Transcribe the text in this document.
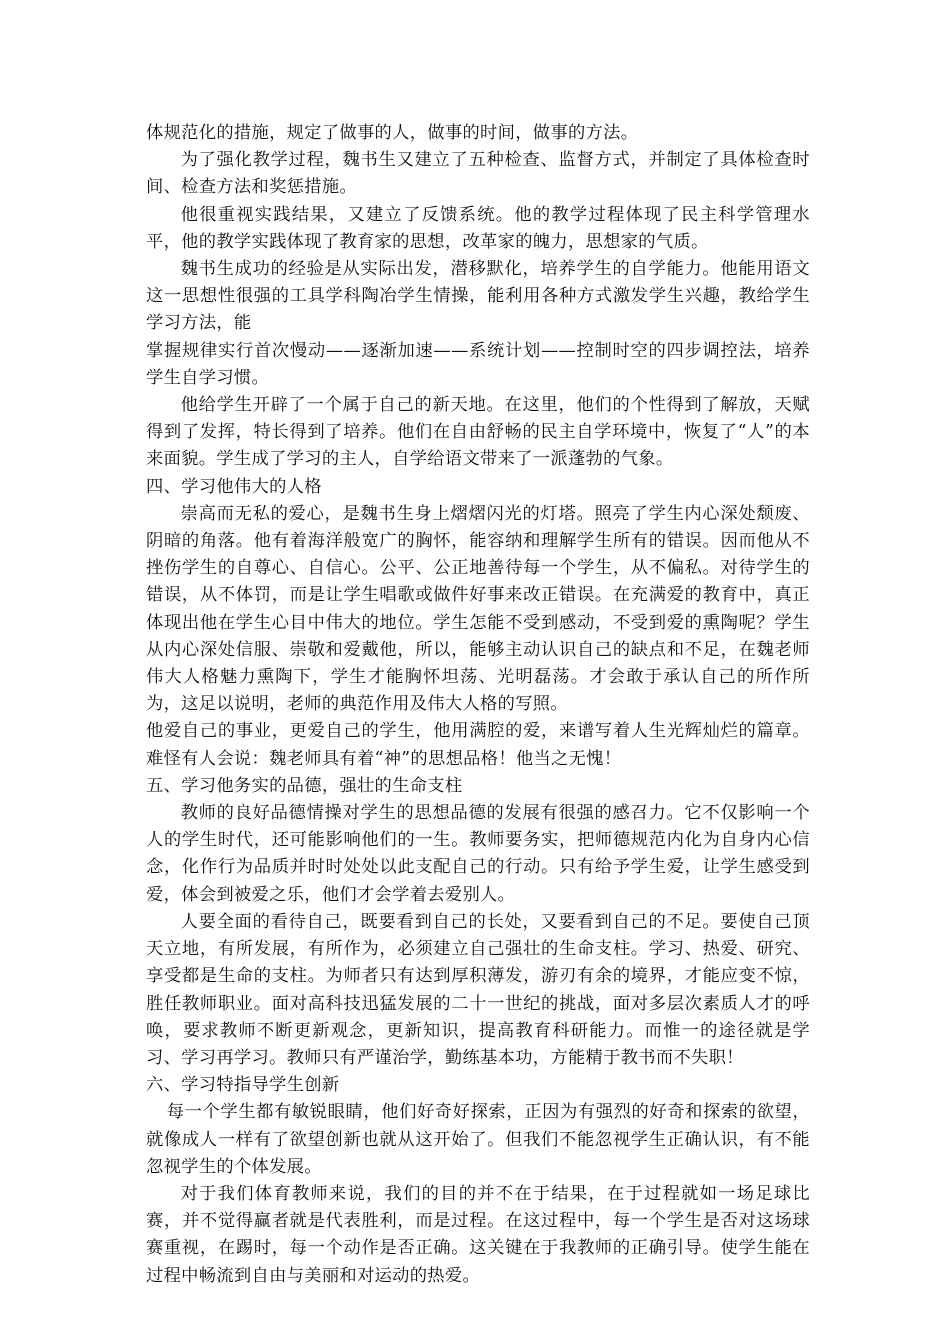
体规范化的措施，规定了做事的人，做事的时间，做事的方法。

为了强化教学过程，魏书生又建立了五种检查、监督方式，并制定了具体检查时间、检查方法和奖惩措施。

他很重视实践结果，又建立了反馈系统。他的教学过程体现了民主科学管理水平，他的教学实践体现了教育家的思想，改革家的魄力，思想家的气质。

魏书生成功的经验是从实际出发，潜移默化，培养学生的自学能力。他能用语文这一思想性很强的工具学科陶冶学生情操，能利用各种方式激发学生兴趣，教给学生学习方法，能

掌握规律实行首次慢动——逐渐加速——系统计划——控制时空的四步调控法，培养学生自学习惯。

他给学生开辟了一个属于自己的新天地。在这里，他们的个性得到了解放，天赋得到了发挥，特长得到了培养。他们在自由舒畅的民主自学环境中，恢复了“人”的本来面貌。学生成了学习的主人，自学给语文带来了一派蓬勃的气象。

四、学习他伟大的人格

崇高而无私的爱心，是魏书生身上熠熠闪光的灯塔。照亮了学生内心深处颓废、阴暗的角落。他有着海洋般宽广的胸怀，能容纳和理解学生所有的错误。因而他从不挫伤学生的自尊心、自信心。公平、公正地善待每一个学生，从不偏私。对待学生的错误，从不体罚，而是让学生唱歌或做件好事来改正错误。在充满爱的教育中，真正体现出他在学生心目中伟大的地位。学生怎能不受到感动，不受到爱的熏陶呢？学生从内心深处信服、崇敬和爱戴他，所以，能够主动认识自己的缺点和不足，在魏老师伟大人格魅力熏陶下，学生才能胸怀坦荡、光明磊荡。才会敢于承认自己的所作所为，这足以说明，老师的典范作用及伟大人格的写照。

他爱自己的事业，更爱自己的学生，他用满腔的爱，来谱写着人生光辉灿烂的篇章。难怪有人会说：魏老师具有着“神”的思想品格！他当之无愧！

五、学习他务实的品德，强壮的生命支柱

教师的良好品德情操对学生的思想品德的发展有很强的感召力。它不仅影响一个人的学生时代，还可能影响他们的一生。教师要务实，把师德规范内化为自身内心信念，化作行为品质并时时处处以此支配自己的行动。只有给予学生爱，让学生感受到爱，体会到被爱之乐，他们才会学着去爱别人。

人要全面的看待自己，既要看到自己的长处，又要看到自己的不足。要使自己顶天立地，有所发展，有所作为，必须建立自己强壮的生命支柱。学习、热爱、研究、享受都是生命的支柱。为师者只有达到厚积薄发，游刃有余的境界，才能应变不惊，胜任教师职业。面对高科技迅猛发展的二十一世纪的挑战，面对多层次素质人才的呼唤，要求教师不断更新观念，更新知识，提高教育科研能力。而惟一的途径就是学习、学习再学习。教师只有严谨治学，勤练基本功，方能精于教书而不失职！

六、学习特指导学生创新

每一个学生都有敏锐眼睛，他们好奇好探索，正因为有强烈的好奇和探索的欲望，就像成人一样有了欲望创新也就从这开始了。但我们不能忽视学生正确认识，有不能忽视学生的个体发展。

对于我们体育教师来说，我们的目的并不在于结果，在于过程就如一场足球比赛，并不觉得赢者就是代表胜利，而是过程。在这过程中，每一个学生是否对这场球赛重视，在踢时，每一个动作是否正确。这关键在于我教师的正确引导。使学生能在过程中畅流到自由与美丽和对运动的热爱。
